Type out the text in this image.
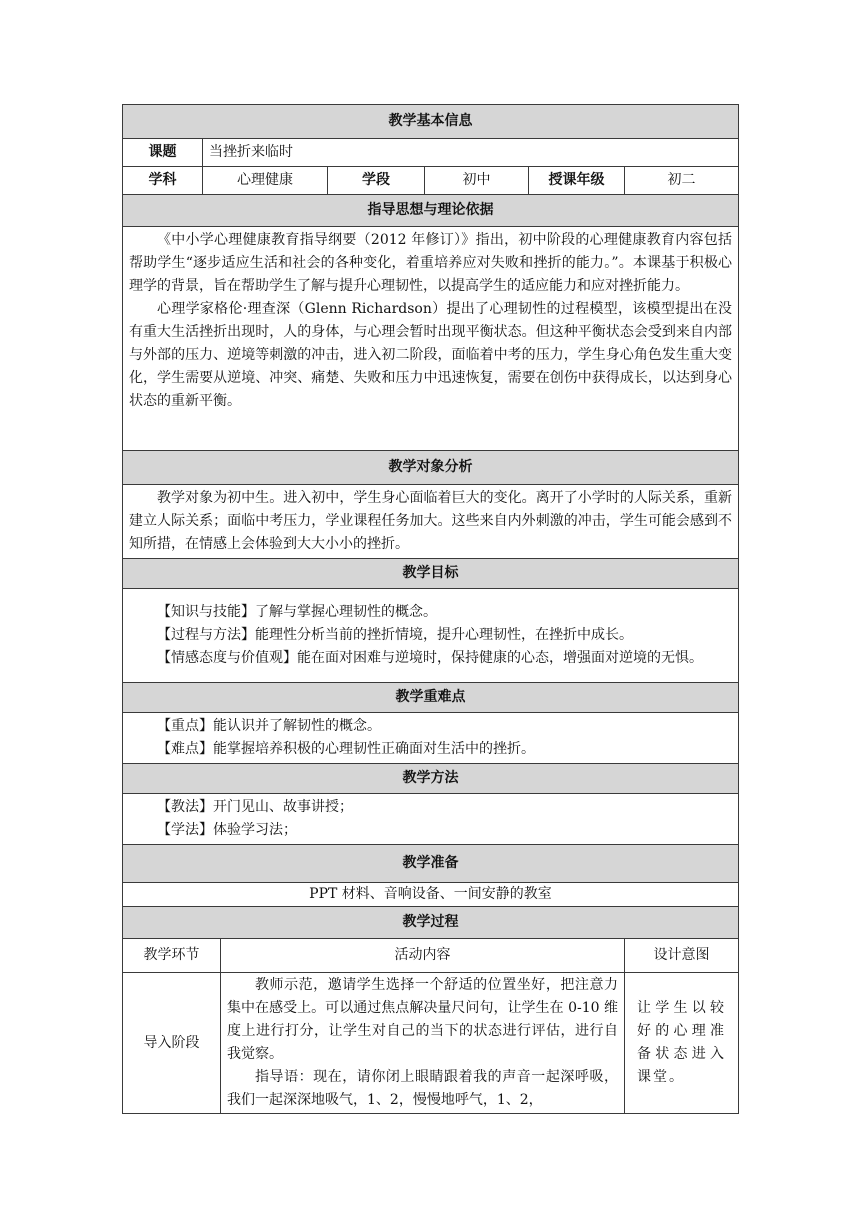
教学基本信息						
课题	当挫折来临时					
学科	心理健康		学段	初中	授课年级	初二
指导思想与理论依据						

《中小学心理健康教育指导纲要（2012 年修订）》指出，初中阶段的心理健康教育内容包括帮助学生“逐步适应生活和社会的各种变化，着重培养应对失败和挫折的能力。”。本课基于积极心理学的背景，旨在帮助学生了解与提升心理韧性，以提高学生的适应能力和应对挫折能力。

心理学家格伦·理查深（Glenn Richardson）提出了心理韧性的过程模型，该模型提出在没有重大生活挫折出现时，人的身体，与心理会暂时出现平衡状态。但这种平衡状态会受到来自内部与外部的压力、逆境等刺激的冲击，进入初二阶段，面临着中考的压力，学生身心角色发生重大变化，学生需要从逆境、冲突、痛楚、失败和压力中迅速恢复，需要在创伤中获得成长，以达到身心状态的重新平衡。						

教学对象分析						

教学对象为初中生。进入初中，学生身心面临着巨大的变化。离开了小学时的人际关系，重新建立人际关系；面临中考压力，学业课程任务加大。这些来自内外刺激的冲击，学生可能会感到不知所措，在情感上会体验到大大小小的挫折。						

教学目标						

【知识与技能】了解与掌握心理韧性的概念。

【过程与方法】能理性分析当前的挫折情境，提升心理韧性，在挫折中成长。

【情感态度与价值观】能在面对困难与逆境时，保持健康的心态，增强面对逆境的无惧。						

教学重难点						

【重点】能认识并了解韧性的概念。

【难点】能掌握培养积极的心理韧性正确面对生活中的挫折。						

教学方法						

【教法】开门见山、故事讲授；

【学法】体验学习法；						

教学准备						
PPT 材料、音响设备、一间安静的教室						
教学过程						
教学环节		活动内容				设计意图
导入阶段		教师示范，邀请学生选择一个舒适的位置坐好，把注意力集中在感受上。可以通过焦点解决量尺问句，让学生在 0-10 维度上进行打分，让学生对自己的当下的状态进行评估，进行自我觉察。

指导语：现在，请你闭上眼睛跟着我的声音一起深呼吸，我们一起深深地吸气，1、2，慢慢地呼气，1、2，				让学生以较好的心理准备状态进入课堂。
